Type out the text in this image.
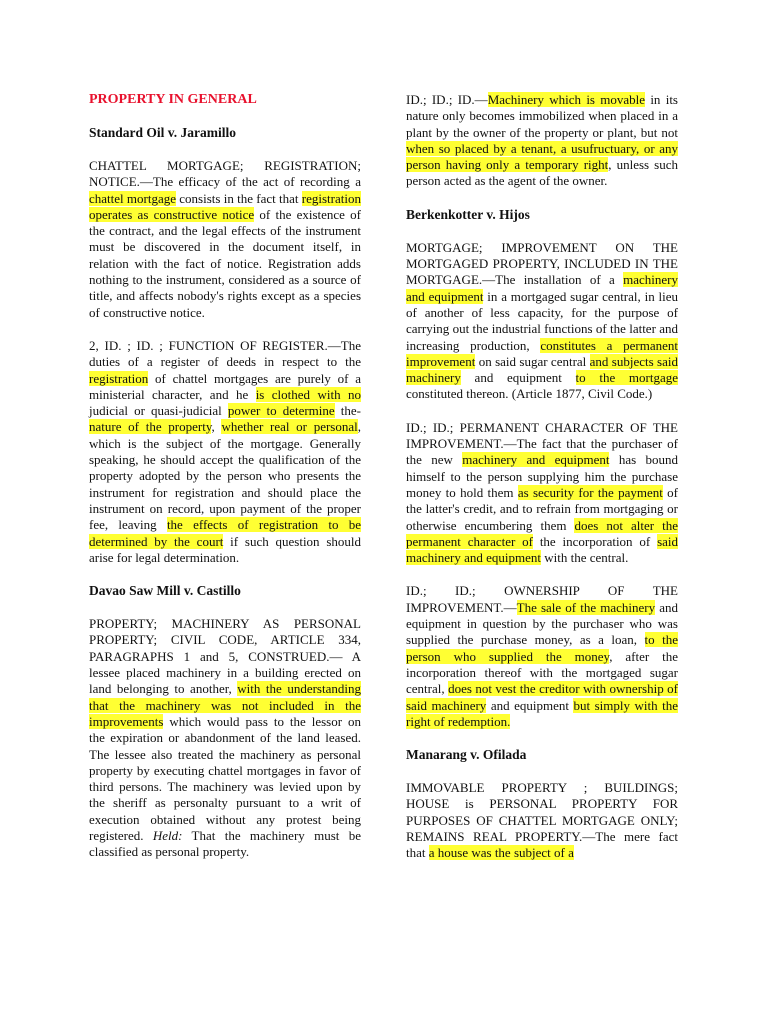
PROPERTY IN GENERAL
Standard Oil v. Jaramillo

CHATTEL MORTGAGE; REGISTRATION; NOTICE.—The efficacy of the act of recording a chattel mortgage consists in the fact that registration operates as constructive notice of the existence of the contract, and the legal effects of the instrument must be discovered in the document itself, in relation with the fact of notice. Registration adds nothing to the instrument, considered as a source of title, and affects nobody's rights except as a species of constructive notice.

2, ID. ; ID. ; FUNCTION OF REGISTER.—The duties of a register of deeds in respect to the registration of chattel mortgages are purely of a ministerial character, and he is clothed with no judicial or quasi-judicial power to determine the-nature of the property, whether real or personal, which is the subject of the mortgage. Generally speaking, he should accept the qualification of the property adopted by the person who presents the instrument for registration and should place the instrument on record, upon payment of the proper fee, leaving the effects of registration to be determined by the court if such question should arise for legal determination.

Davao Saw Mill v. Castillo

PROPERTY; MACHINERY AS PERSONAL PROPERTY; CIVIL CODE, ARTICLE 334, PARAGRAPHS 1 and 5, CONSTRUED.— A lessee placed machinery in a building erected on land belonging to another, with the understanding that the machinery was not included in the improvements which would pass to the lessor on the expiration or abandonment of the land leased. The lessee also treated the machinery as personal property by executing chattel mortgages in favor of third persons. The machinery was levied upon by the sheriff as personalty pursuant to a writ of execution obtained without any protest being registered. Held: That the machinery must be classified as personal property.

ID.; ID.; ID.—Machinery which is movable in its nature only becomes immobilized when placed in a plant by the owner of the property or plant, but not when so placed by a tenant, a usufructuary, or any person having only a temporary right, unless such person acted as the agent of the owner.

Berkenkotter v. Hijos

MORTGAGE; IMPROVEMENT ON THE MORTGAGED PROPERTY, INCLUDED IN THE MORTGAGE.—The installation of a machinery and equipment in a mortgaged sugar central, in lieu of another of less capacity, for the purpose of carrying out the industrial functions of the latter and increasing production, constitutes a permanent improvement on said sugar central and subjects said machinery and equipment to the mortgage constituted thereon. (Article 1877, Civil Code.)

ID.; ID.; PERMANENT CHARACTER OF THE IMPROVEMENT.—The fact that the purchaser of the new machinery and equipment has bound himself to the person supplying him the purchase money to hold them as security for the payment of the latter's credit, and to refrain from mortgaging or otherwise encumbering them does not alter the permanent character of the incorporation of said machinery and equipment with the central.

ID.; ID.; OWNERSHIP OF THE IMPROVEMENT.—The sale of the machinery and equipment in question by the purchaser who was supplied the purchase money, as a loan, to the person who supplied the money, after the incorporation thereof with the mortgaged sugar central, does not vest the creditor with ownership of said machinery and equipment but simply with the right of redemption.

Manarang v. Ofilada

IMMOVABLE PROPERTY ; BUILDINGS; HOUSE is PERSONAL PROPERTY FOR PURPOSES OF CHATTEL MORTGAGE ONLY; REMAINS REAL PROPERTY.—The mere fact that a house was the subject of a
